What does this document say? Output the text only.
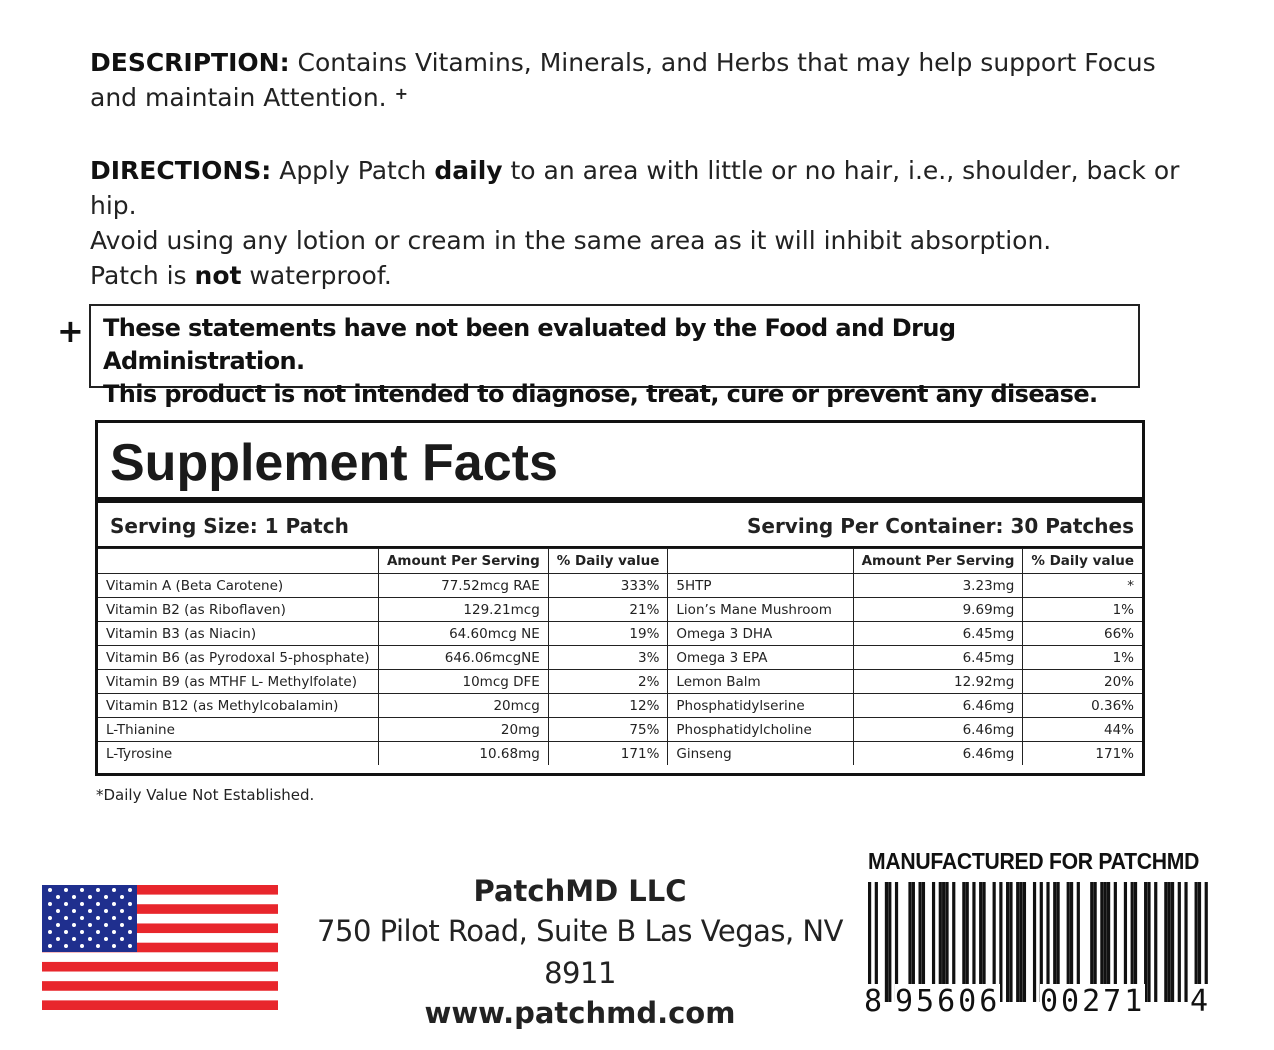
DESCRIPTION: Contains Vitamins, Minerals, and Herbs that may help support Focus and maintain Attention. +
DIRECTIONS: Apply Patch daily to an area with little or no hair, i.e., shoulder, back or hip.
Avoid using any lotion or cream in the same area as it will inhibit absorption.
Patch is not waterproof.
+ These statements have not been evaluated by the Food and Drug Administration.
This product is not intended to diagnose, treat, cure or prevent any disease.
Supplement Facts
Serving Size: 1 Patch	Serving Per Container: 30 Patches
	Amount Per Serving	% Daily value		Amount Per Serving	% Daily value
Vitamin A (Beta Carotene)	77.52mcg RAE	333%	5HTP	3.23mg	*
Vitamin B2 (as Riboflaven)	129.21mcg	21%	Lion’s Mane Mushroom	9.69mg	1%
Vitamin B3 (as Niacin)	64.60mcg NE	19%	Omega 3 DHA	6.45mg	66%
Vitamin B6 (as Pyrodoxal 5-phosphate)	646.06mcgNE	3%	Omega 3 EPA	6.45mg	1%
Vitamin B9 (as MTHF L- Methylfolate)	10mcg DFE	2%	Lemon Balm	12.92mg	20%
Vitamin B12 (as Methylcobalamin)	20mcg	12%	Phosphatidylserine	6.46mg	0.36%
L-Thianine	20mg	75%	Phosphatidylcholine	6.46mg	44%
L-Tyrosine	10.68mg	171%	Ginseng	6.46mg	171%
*Daily Value Not Established.
PatchMD LLC
750 Pilot Road, Suite B Las Vegas, NV 8911
www.patchmd.com
MANUFACTURED FOR PATCHMD
8 95606 00271 4
